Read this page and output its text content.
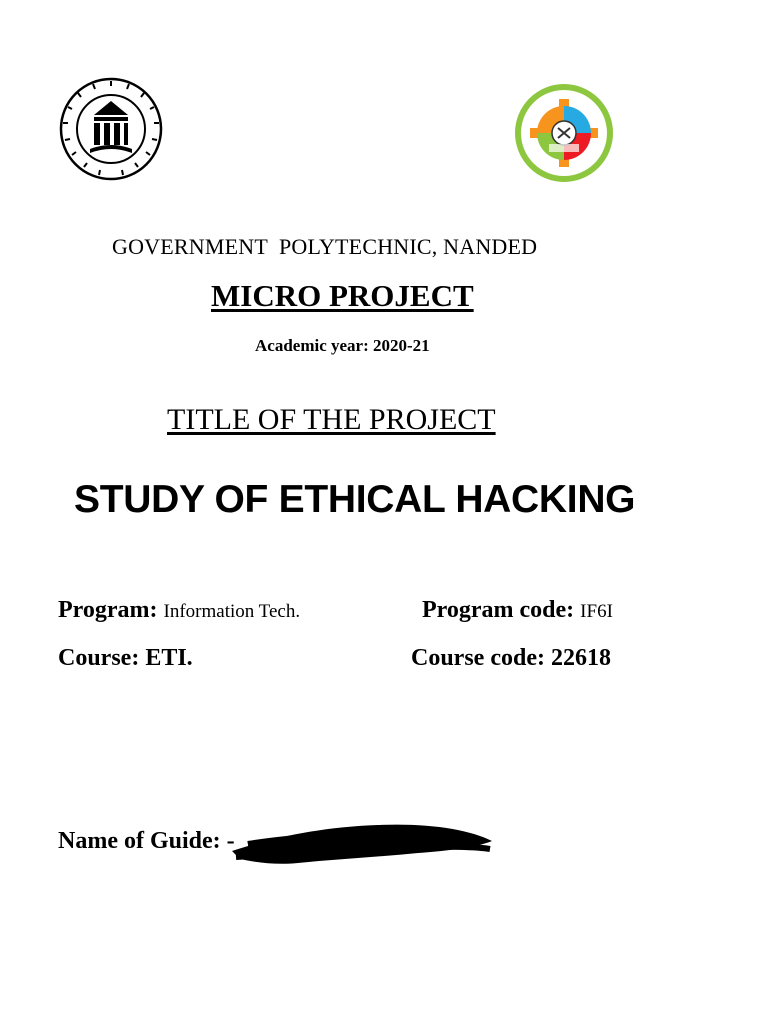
GOVERNMENT  POLYTECHNIC, NANDED
MICRO PROJECT
Academic year: 2020-21
TITLE OF THE PROJECT
STUDY OF ETHICAL HACKING
Program: Information Tech.	Program code: IF6I
Course: ETI.	Course code: 22618
Name of Guide: -
